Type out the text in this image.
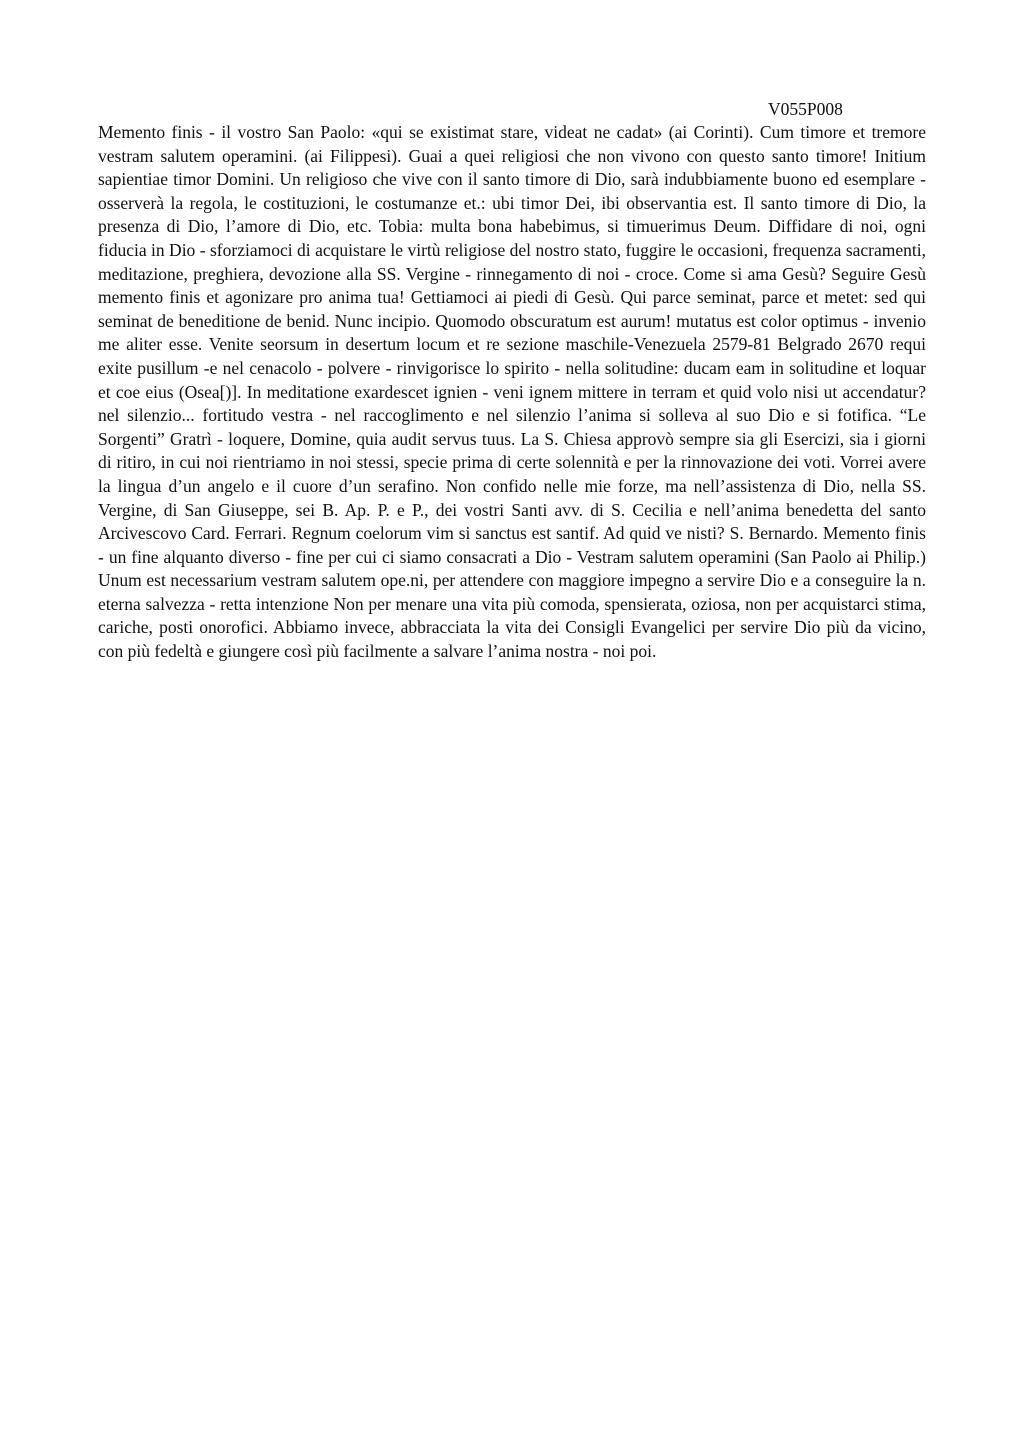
V055P008

Memento finis - il vostro San Paolo: «qui se existimat stare, videat ne cadat» (ai Corinti). Cum timore et tremore vestram salutem operamini. (ai Filippesi). Guai a quei religiosi che non vivono con questo santo timore! Initium sapientiae timor Domini. Un religioso che vive con il santo timore di Dio, sarà indubbiamente buono ed esemplare - osserverà la regola, le costituzioni, le costumanze et.: ubi timor Dei, ibi observantia est. Il santo timore di Dio, la presenza di Dio, l’amore di Dio, etc. Tobia: multa bona habebimus, si timuerimus Deum. Diffidare di noi, ogni fiducia in Dio - sforziamoci di acquistare le virtù religiose del nostro stato, fuggire le occasioni, frequenza sacramenti, meditazione, preghiera, devozione alla SS. Vergine - rinnegamento di noi - croce. Come si ama Gesù? Seguire Gesù memento finis et agonizare pro anima tua! Gettiamoci ai piedi di Gesù. Qui parce seminat, parce et metet: sed qui seminat de beneditione de benid. Nunc incipio. Quomodo obscuratum est aurum! mutatus est color optimus - invenio me aliter esse. Venite seorsum in desertum locum et re sezione maschile-Venezuela 2579-81 Belgrado 2670 requi exite pusillum -e nel cenacolo - polvere - rinvigorisce lo spirito - nella solitudine: ducam eam in solitudine et loquar et coe eius (Osea[)]. In meditatione exardescet ignien - veni ignem mittere in terram et quid volo nisi ut accendatur? nel silenzio... fortitudo vestra - nel raccoglimento e nel silenzio l’anima si solleva al suo Dio e si fotifica. “Le Sorgenti” Gratrì - loquere, Domine, quia audit servus tuus. La S. Chiesa approvò sempre sia gli Esercizi, sia i giorni di ritiro, in cui noi rientriamo in noi stessi, specie prima di certe solennità e per la rinnovazione dei voti. Vorrei avere la lingua d’un angelo e il cuore d’un serafino. Non confido nelle mie forze, ma nell’assistenza di Dio, nella SS. Vergine, di San Giuseppe, sei B. Ap. P. e P., dei vostri Santi avv. di S. Cecilia e nell’anima benedetta del santo Arcivescovo Card. Ferrari. Regnum coelorum vim si sanctus est santif. Ad quid ve nisti? S. Bernardo. Memento finis - un fine alquanto diverso - fine per cui ci siamo consacrati a Dio - Vestram salutem operamini (San Paolo ai Philip.) Unum est necessarium vestram salutem ope.ni, per attendere con maggiore impegno a servire Dio e a conseguire la n. eterna salvezza - retta intenzione Non per menare una vita più comoda, spensierata, oziosa, non per acquistarci stima, cariche, posti onorofici. Abbiamo invece, abbracciata la vita dei Consigli Evangelici per servire Dio più da vicino, con più fedeltà e giungere così più facilmente a salvare l’anima nostra - noi poi.
